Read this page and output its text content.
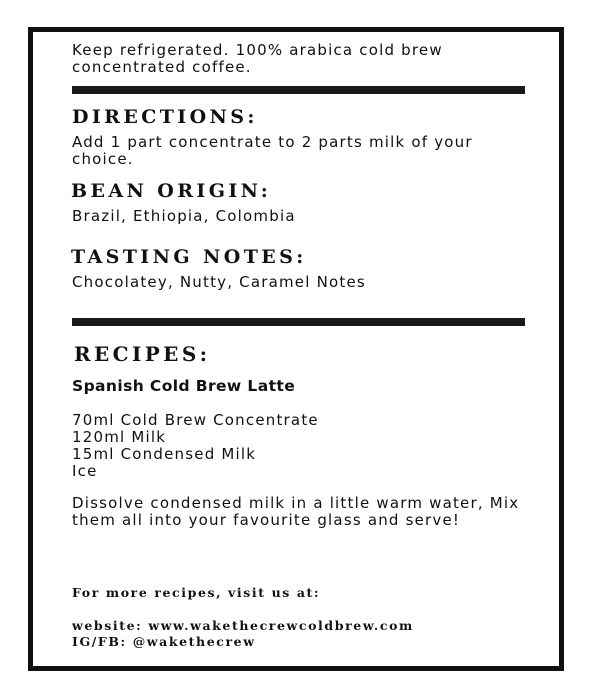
Keep refrigerated. 100% arabica cold brew concentrated coffee.

DIRECTIONS:

Add 1 part concentrate to 2 parts milk of your choice.

BEAN ORIGIN:

Brazil, Ethiopia, Colombia

TASTING NOTES:

Chocolatey, Nutty, Caramel Notes

RECIPES:
Spanish Cold Brew Latte
70ml Cold Brew Concentrate
120ml Milk
15ml Condensed Milk
Ice

Dissolve condensed milk in a little warm water, Mix them all into your favourite glass and serve!

For more recipes, visit us at:

website: www.wakethecrewcoldbrew.com
IG/FB: @wakethecrew
